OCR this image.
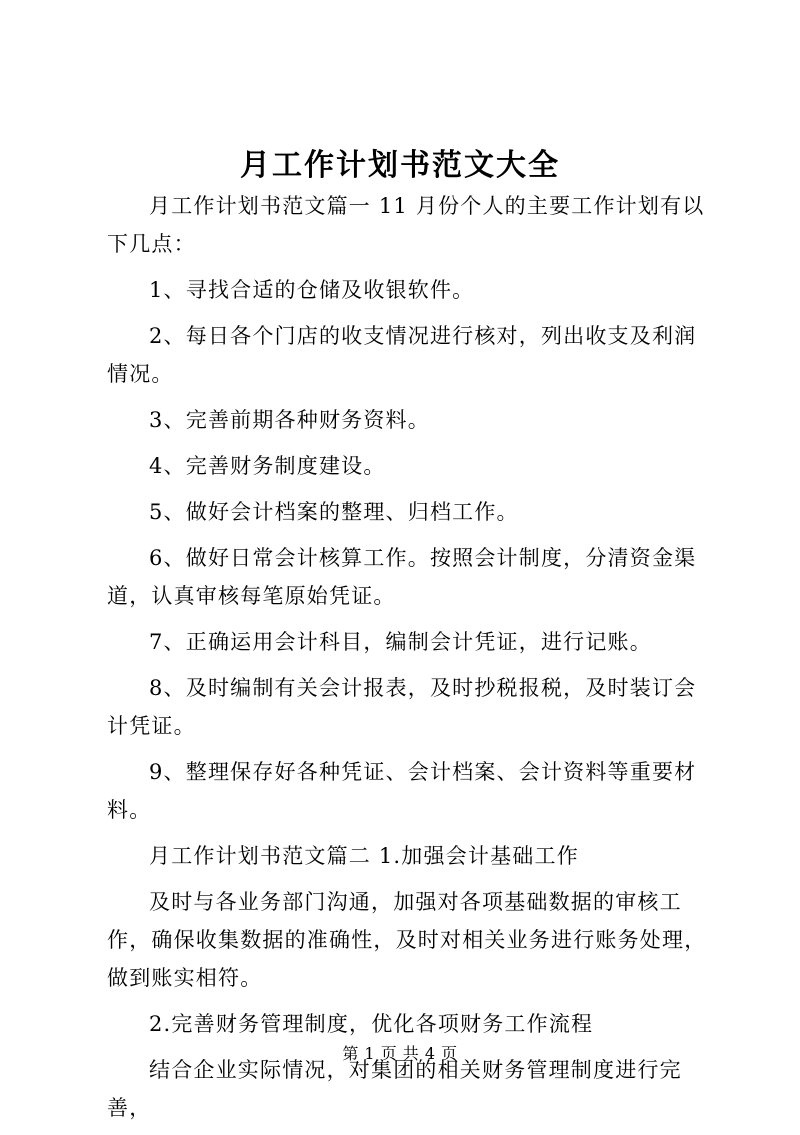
月工作计划书范文大全

月工作计划书范文篇一 11 月份个人的主要工作计划有以下几点：

1、寻找合适的仓储及收银软件。

2、每日各个门店的收支情况进行核对，列出收支及利润情况。

3、完善前期各种财务资料。

4、完善财务制度建设。

5、做好会计档案的整理、归档工作。

6、做好日常会计核算工作。按照会计制度，分清资金渠道，认真审核每笔原始凭证。

7、正确运用会计科目，编制会计凭证，进行记账。

8、及时编制有关会计报表，及时抄税报税，及时装订会计凭证。

9、整理保存好各种凭证、会计档案、会计资料等重要材料。

月工作计划书范文篇二 1.加强会计基础工作

及时与各业务部门沟通，加强对各项基础数据的审核工作，确保收集数据的准确性，及时对相关业务进行账务处理，做到账实相符。

2.完善财务管理制度，优化各项财务工作流程

结合企业实际情况，对集团的相关财务管理制度进行完善，

第 1 页 共 4 页
